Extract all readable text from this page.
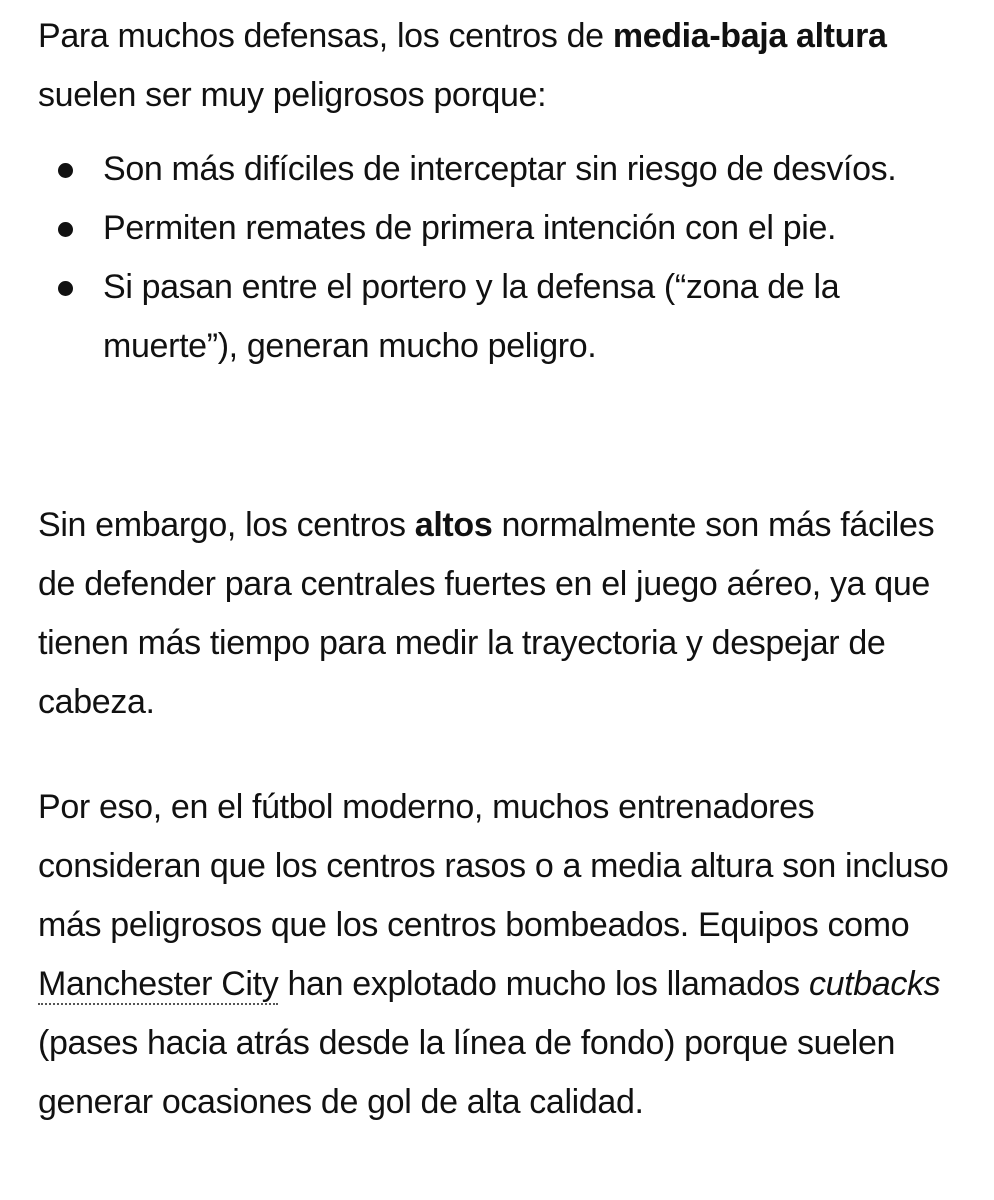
Para muchos defensas, los centros de media-baja altura suelen ser muy peligrosos porque:

Son más difíciles de interceptar sin riesgo de desvíos.
Permiten remates de primera intención con el pie.
Si pasan entre el portero y la defensa (“zona de la muerte”), generan mucho peligro.

Sin embargo, los centros altos normalmente son más fáciles de defender para centrales fuertes en el juego aéreo, ya que tienen más tiempo para medir la trayectoria y despejar de cabeza.

Por eso, en el fútbol moderno, muchos entrenadores consideran que los centros rasos o a media altura son incluso más peligrosos que los centros bombeados. Equipos como Manchester City han explotado mucho los llamados cutbacks (pases hacia atrás desde la línea de fondo) porque suelen generar ocasiones de gol de alta calidad.
